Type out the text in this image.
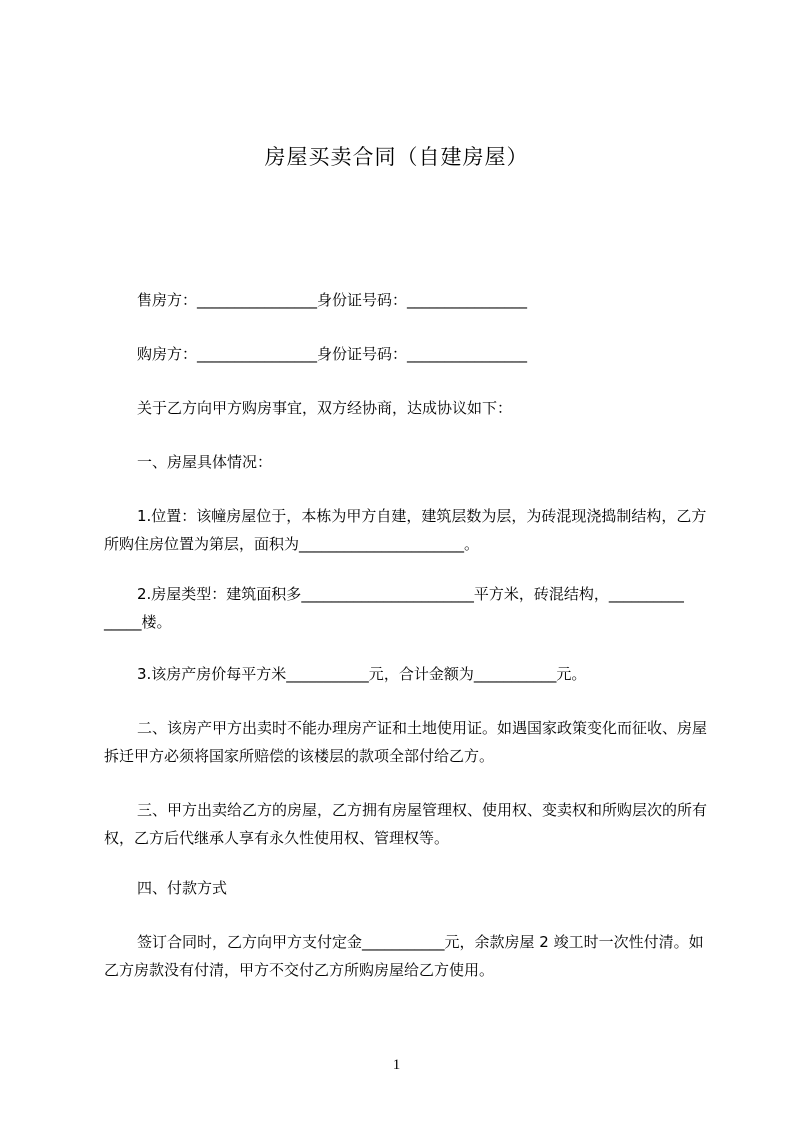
房屋买卖合同（自建房屋）
售房方：________________身份证号码：________________
购房方：________________身份证号码：________________
关于乙方向甲方购房事宜，双方经协商，达成协议如下：
一、房屋具体情况：
1.位置：该幢房屋位于，本栋为甲方自建，建筑层数为层，为砖混现浇捣制结构，乙方所购住房位置为第层，面积为______________________。
2.房屋类型：建筑面积多_______________________平方米，砖混结构，__________ _____楼。
3.该房产房价每平方米___________元，合计金额为___________元。
二、该房产甲方出卖时不能办理房产证和土地使用证。如遇国家政策变化而征收、房屋拆迁甲方必须将国家所赔偿的该楼层的款项全部付给乙方。
三、甲方出卖给乙方的房屋，乙方拥有房屋管理权、使用权、变卖权和所购层次的所有权，乙方后代继承人享有永久性使用权、管理权等。
四、付款方式
签订合同时，乙方向甲方支付定金___________元，余款房屋 2 竣工时一次性付清。如乙方房款没有付清，甲方不交付乙方所购房屋给乙方使用。
1
